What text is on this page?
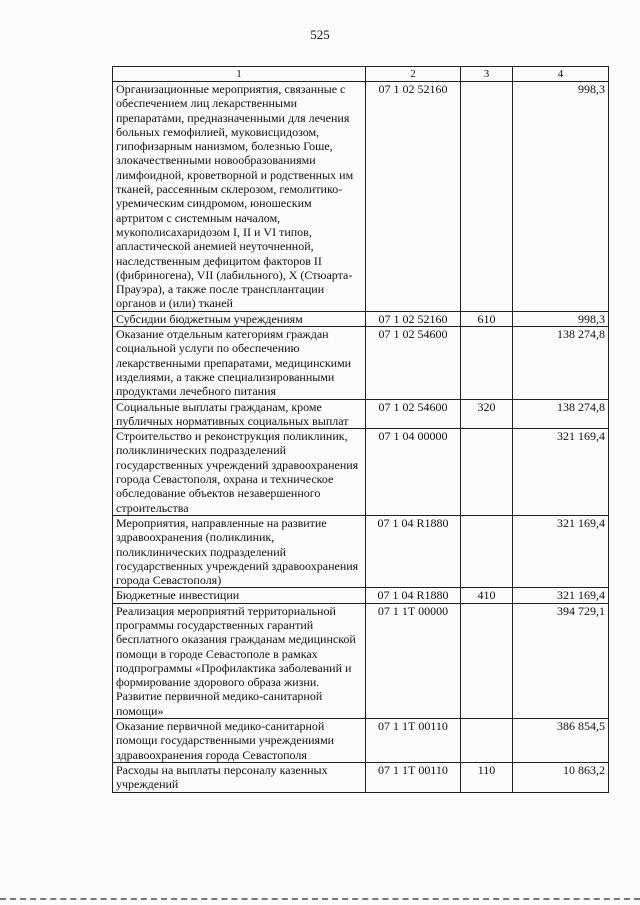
525
1	2	3	4
Организационные мероприятия, связанные с обеспечением лиц лекарственными препаратами, предназначенными для лечения больных гемофилией, муковисцидозом, гипофизарным нанизмом, болезнью Гоше, злокачественными новообразованиями лимфоидной, кроветворной и родственных им тканей, рассеянным склерозом, гемолитико-уремическим синдромом, юношеским артритом с системным началом, мукополисахаридозом I, II и VI типов, апластической анемией неуточненной, наследственным дефицитом факторов II (фибриногена), VII (лабильного), X (Стюарта-Прауэра), а также после трансплантации органов и (или) тканей	07 1 02 52160		998,3
Субсидии бюджетным учреждениям	07 1 02 52160	610	998,3
Оказание отдельным категориям граждан социальной услуги по обеспечению лекарственными препаратами, медицинскими изделиями, а также специализированными продуктами лечебного питания	07 1 02 54600		138 274,8
Социальные выплаты гражданам, кроме публичных нормативных социальных выплат	07 1 02 54600	320	138 274,8
Строительство и реконструкция поликлиник, поликлинических подразделений государственных учреждений здравоохранения города Севастополя, охрана и техническое обследование объектов незавершенного строительства	07 1 04 00000		321 169,4
Мероприятия, направленные на развитие здравоохранения (поликлиник, поликлинических подразделений государственных учреждений здравоохранения города Севастополя)	07 1 04 R1880		321 169,4
Бюджетные инвестиции	07 1 04 R1880	410	321 169,4
Реализация мероприятий территориальной программы государственных гарантий бесплатного оказания гражданам медицинской помощи в городе Севастополе в рамках подпрограммы «Профилактика заболеваний и формирование здорового образа жизни. Развитие первичной медико-санитарной помощи»	07 1 1Т 00000		394 729,1
Оказание первичной медико-санитарной помощи государственными учреждениями здравоохранения города Севастополя	07 1 1Т 00110		386 854,5
Расходы на выплаты персоналу казенных учреждений	07 1 1Т 00110	110	10 863,2
